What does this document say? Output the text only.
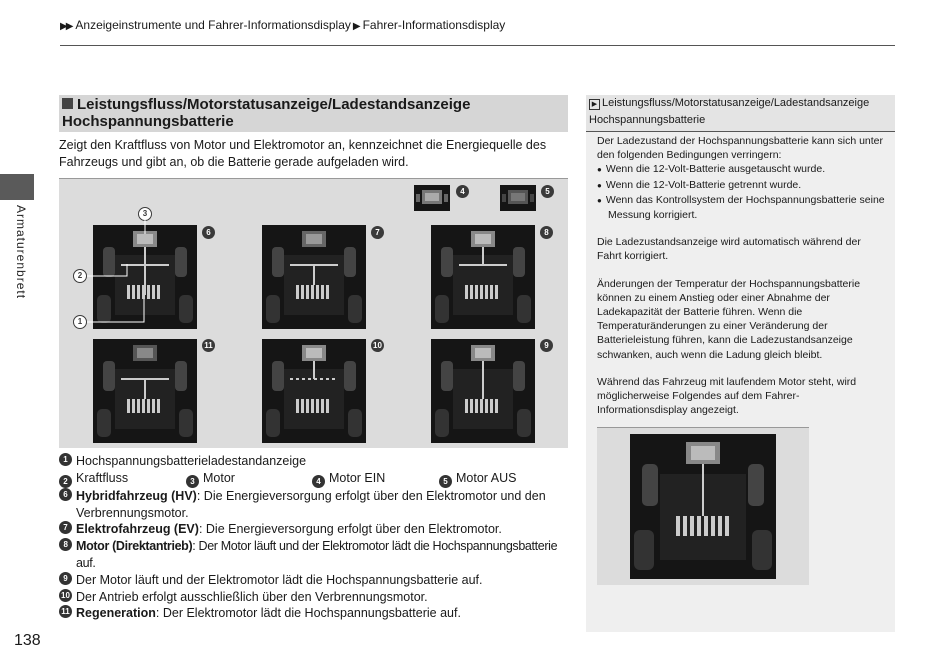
▶▶ Anzeigeinstrumente und Fahrer-Informationsdisplay ▶ Fahrer-Informationsdisplay
Armaturenbrett
138
Leistungsfluss/Motorstatusanzeige/Ladestandsanzeige Hochspannungsbatterie
Zeigt den Kraftfluss von Motor und Elektromotor an, kennzeichnet die Energiequelle des Fahrzeugs und gibt an, ob die Batterie gerade aufgeladen wird.
4	5
6
3
2
1
7	8
11	10	9
1 Hochspannungsbatterieladestandanzeige
2 Kraftfluss	3 Motor	4 Motor EIN	5 Motor AUS
6 Hybridfahrzeug (HV): Die Energieversorgung erfolgt über den Elektromotor und den Verbrennungsmotor.
7 Elektrofahrzeug (EV): Die Energieversorgung erfolgt über den Elektromotor.
8 Motor (Direktantrieb): Der Motor läuft und der Elektromotor lädt die Hochspannungsbatterie auf.
9 Der Motor läuft und der Elektromotor lädt die Hochspannungsbatterie auf.
10 Der Antrieb erfolgt ausschließlich über den Verbrennungsmotor.
11 Regeneration: Der Elektromotor lädt die Hochspannungsbatterie auf.
▶ Leistungsfluss/Motorstatusanzeige/Ladestandsanzeige Hochspannungsbatterie

Der Ladezustand der Hochspannungsbatterie kann sich unter den folgenden Bedingungen verringern:

● Wenn die 12-Volt-Batterie ausgetauscht wurde.
● Wenn die 12-Volt-Batterie getrennt wurde.
● Wenn das Kontrollsystem der Hochspannungsbatterie seine Messung korrigiert.

Die Ladezustandsanzeige wird automatisch während der Fahrt korrigiert.

Änderungen der Temperatur der Hochspannungsbatterie können zu einem Anstieg oder einer Abnahme der Ladekapazität der Batterie führen. Wenn die Temperaturänderungen zu einer Veränderung der Batterieleistung führen, kann die Ladezustandsanzeige schwanken, auch wenn die Ladung gleich bleibt.

Während das Fahrzeug mit laufendem Motor steht, wird möglicherweise Folgendes auf dem Fahrer-Informationsdisplay angezeigt.
